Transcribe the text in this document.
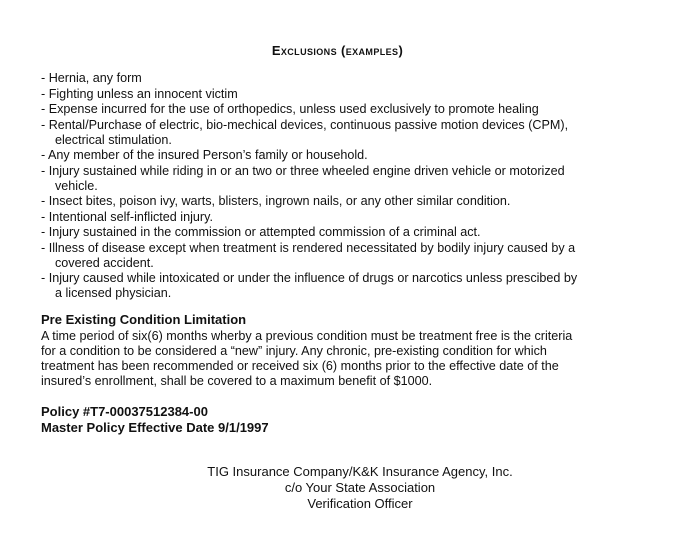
Exclusions (examples)
- Hernia, any form
- Fighting unless an innocent victim
- Expense incurred for the use of orthopedics, unless used exclusively to promote healing
- Rental/Purchase of electric, bio-mechical devices, continuous passive motion devices (CPM),
electrical stimulation.
- Any member of the insured Person’s family or household.
- Injury sustained while riding in or an two or three wheeled engine driven vehicle or motorized
vehicle.
- Insect bites, poison ivy, warts, blisters, ingrown nails, or any other similar condition.
- Intentional self-inflicted injury.
- Injury sustained in the commission or attempted commission of a criminal act.
- Illness of disease except when treatment is rendered necessitated by bodily injury caused by a
covered accident.
- Injury caused while intoxicated or under the influence of drugs or narcotics unless prescibed by
a licensed physician.
Pre Existing Condition Limitation

A time period of six(6) months wherby a previous condition must be treatment free is the criteria
for a condition to be considered a “new” injury. Any chronic, pre-existing condition for which
treatment has been recommended or received six (6) months prior to the effective date of the
insured’s enrollment, shall be covered to a maximum benefit of $1000.

Policy #T7-00037512384-00
Master Policy Effective Date 9/1/1997

TIG Insurance Company/K&K Insurance Agency, Inc.
c/o Your State Association
Verification Officer
